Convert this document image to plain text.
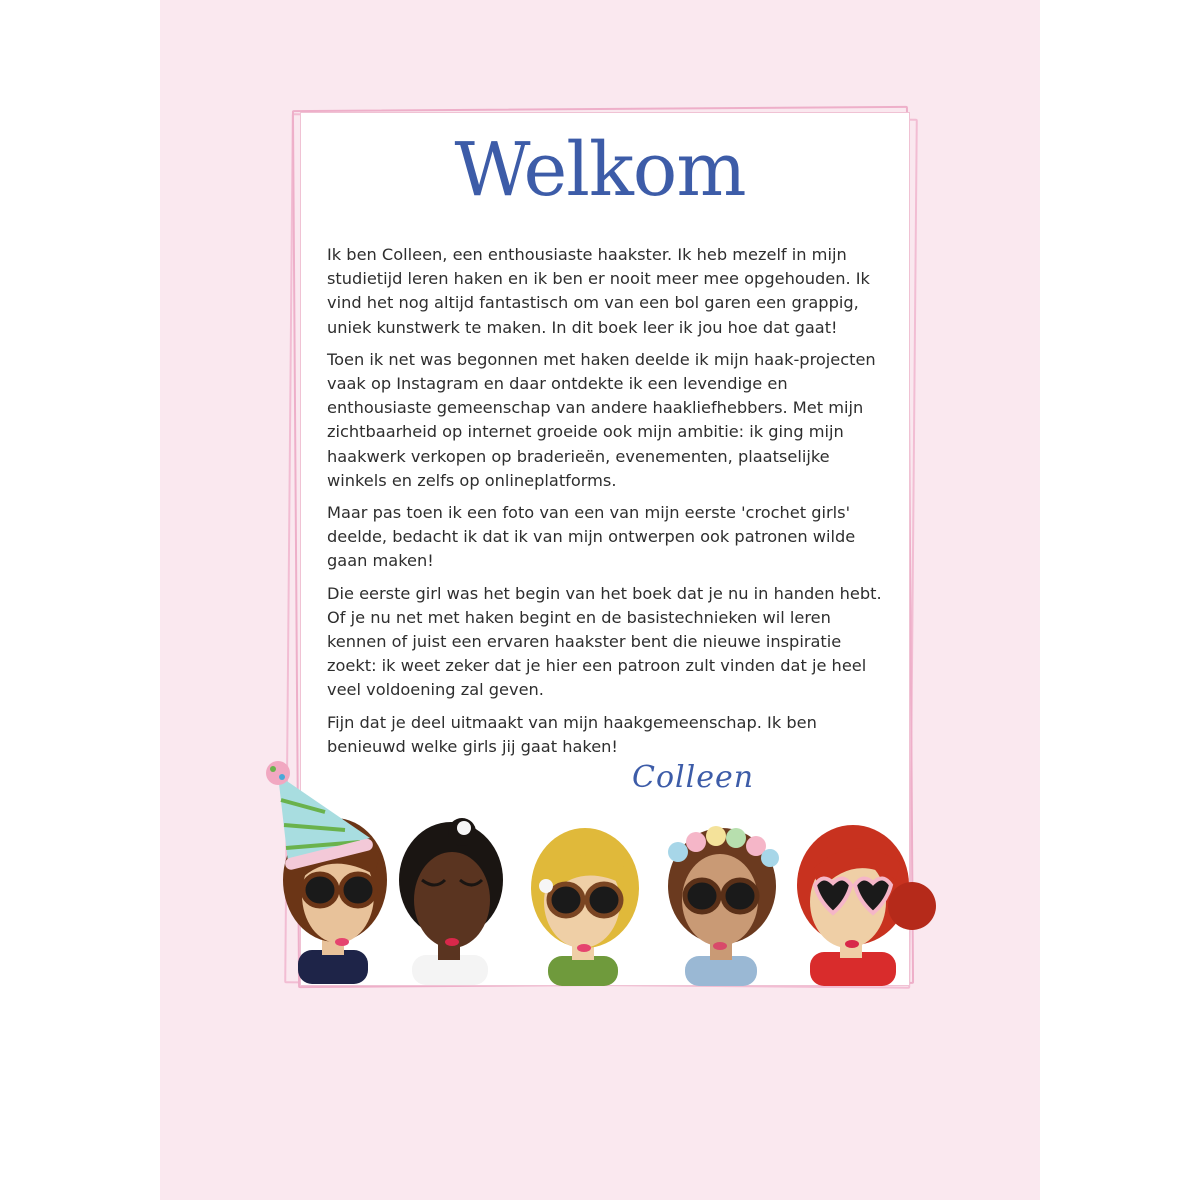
Welkom

Ik ben Colleen, een enthousiaste haakster. Ik heb mezelf in mijn studietijd leren haken en ik ben er nooit meer mee opgehouden. Ik vind het nog altijd fantastisch om van een bol garen een grappig, uniek kunstwerk te maken. In dit boek leer ik jou hoe dat gaat!

Toen ik net was begonnen met haken deelde ik mijn haak-projecten vaak op Instagram en daar ontdekte ik een levendige en enthousiaste gemeenschap van andere haakliefhebbers. Met mijn zichtbaarheid op internet groeide ook mijn ambitie: ik ging mijn haakwerk verkopen op braderieën, evenementen, plaatselijke winkels en zelfs op onlineplatforms.

Maar pas toen ik een foto van een van mijn eerste 'crochet girls' deelde, bedacht ik dat ik van mijn ontwerpen ook patronen wilde gaan maken!

Die eerste girl was het begin van het boek dat je nu in handen hebt. Of je nu net met haken begint en de basistechnieken wil leren kennen of juist een ervaren haakster bent die nieuwe inspiratie zoekt: ik weet zeker dat je hier een patroon zult vinden dat je heel veel voldoening zal geven.

Fijn dat je deel uitmaakt van mijn haakgemeenschap. Ik ben benieuwd welke girls jij gaat haken!

Colleen
